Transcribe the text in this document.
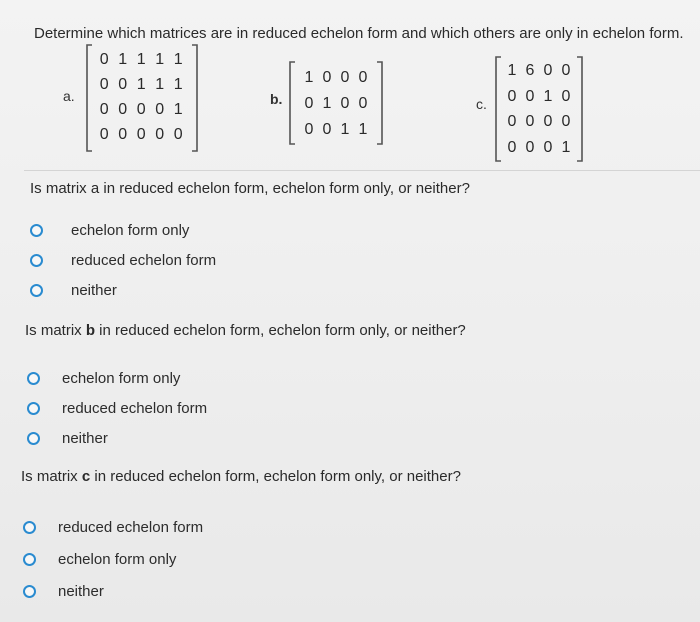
Determine which matrices are in reduced echelon form and which others are only in echelon form.
a.
0 1 1 1 1
0 0 1 1 1
0 0 0 0 1
0 0 0 0 0
b.
1 0 0 0
0 1 0 0
0 0 1 1
c.
1 6 0 0
0 0 1 0
0 0 0 0
0 0 0 1
Is matrix a in reduced echelon form, echelon form only, or neither?
echelon form only
reduced echelon form
neither
Is matrix b in reduced echelon form, echelon form only, or neither?
echelon form only
reduced echelon form
neither
Is matrix c in reduced echelon form, echelon form only, or neither?
reduced echelon form
echelon form only
neither
